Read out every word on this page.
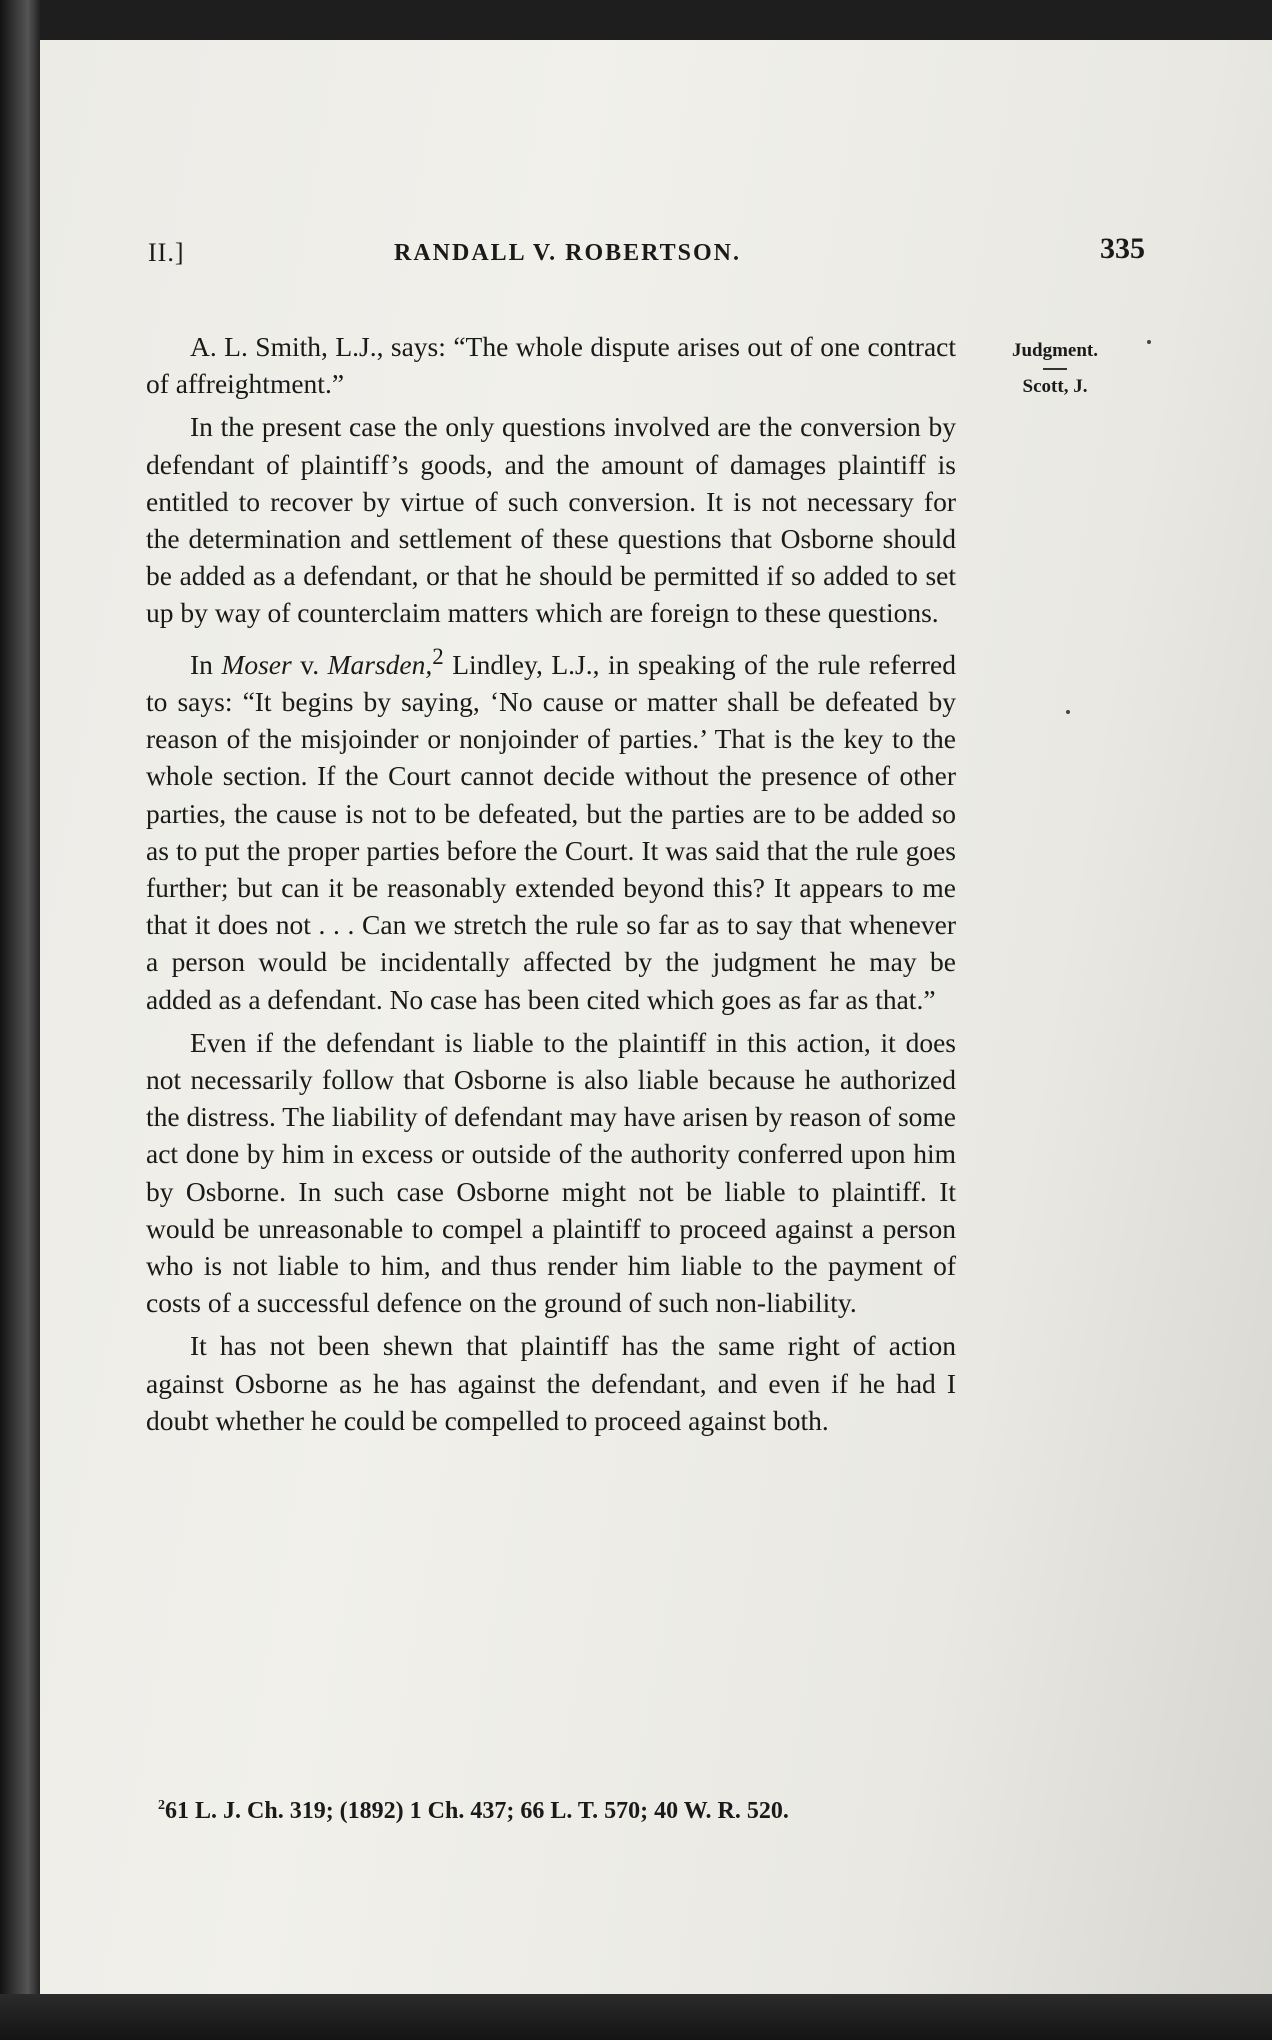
II.]	RANDALL V. ROBERTSON.	335
Judgment.
Scott, J.

A. L. Smith, L.J., says: “The whole dispute arises out of one contract of affreightment.”

In the present case the only questions involved are the conversion by defendant of plaintiff’s goods, and the amount of damages plaintiff is entitled to recover by virtue of such conversion. It is not necessary for the determination and settlement of these questions that Osborne should be added as a defendant, or that he should be permitted if so added to set up by way of counterclaim matters which are foreign to these questions.

In Moser v. Marsden,$^2$ Lindley, L.J., in speaking of the rule referred to says: “It begins by saying, ‘No cause or matter shall be defeated by reason of the misjoinder or nonjoinder of parties.’ That is the key to the whole section. If the Court cannot decide without the presence of other parties, the cause is not to be defeated, but the parties are to be added so as to put the proper parties before the Court. It was said that the rule goes further; but can it be reasonably extended beyond this? It appears to me that it does not . . . Can we stretch the rule so far as to say that whenever a person would be incidentally affected by the judgment he may be added as a defendant. No case has been cited which goes as far as that.”

Even if the defendant is liable to the plaintiff in this action, it does not necessarily follow that Osborne is also liable because he authorized the distress. The liability of defendant may have arisen by reason of some act done by him in excess or outside of the authority conferred upon him by Osborne. In such case Osborne might not be liable to plaintiff. It would be unreasonable to compel a plaintiff to proceed against a person who is not liable to him, and thus render him liable to the payment of costs of a successful defence on the ground of such non-liability.

It has not been shewn that plaintiff has the same right of action against Osborne as he has against the defendant, and even if he had I doubt whether he could be compelled to proceed against both.

$^2$61 L. J. Ch. 319; (1892) 1 Ch. 437; 66 L. T. 570; 40 W. R. 520.
